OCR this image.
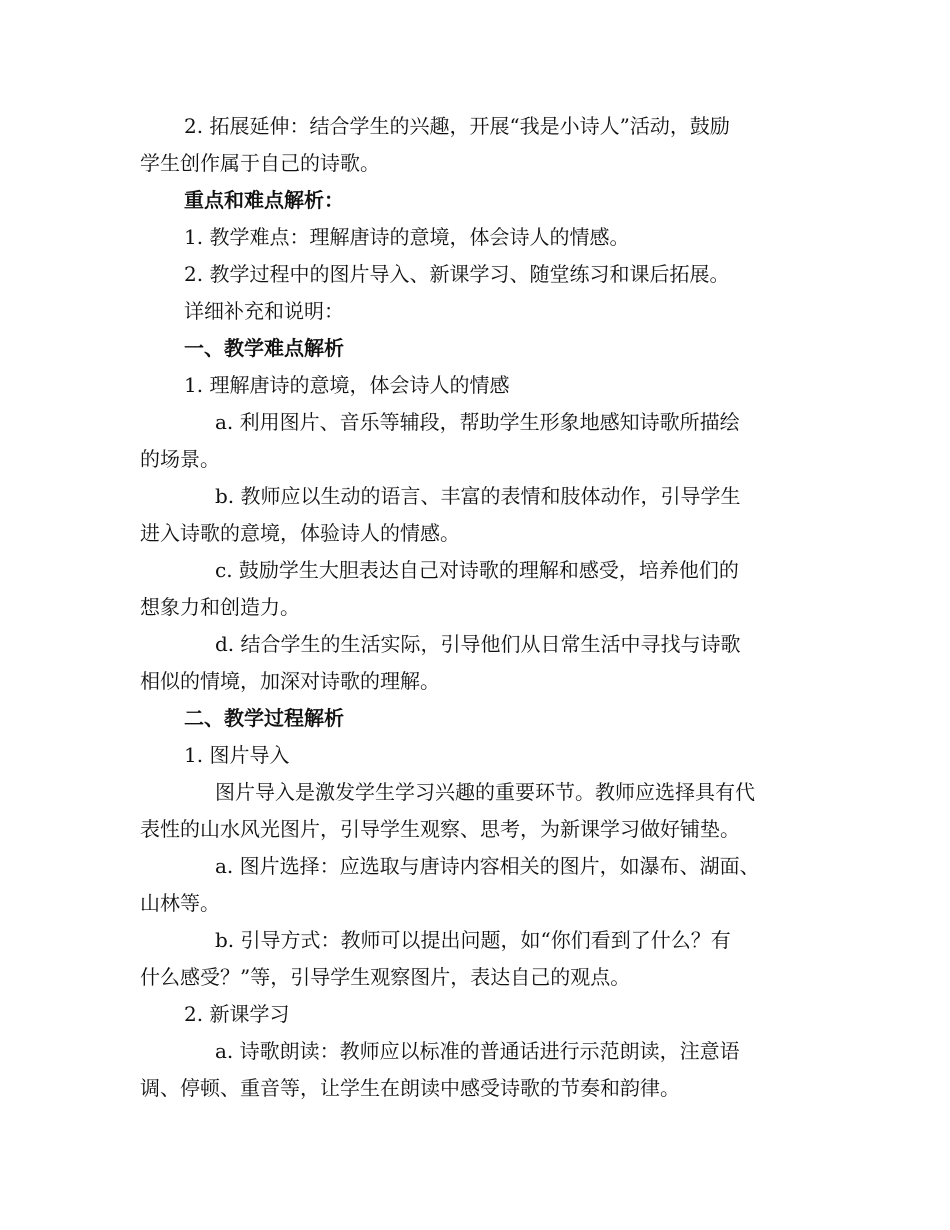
2. 拓展延伸：结合学生的兴趣，开展“我是小诗人”活动，鼓励
学生创作属于自己的诗歌。
重点和难点解析：
1. 教学难点：理解唐诗的意境，体会诗人的情感。
2. 教学过程中的图片导入、新课学习、随堂练习和课后拓展。
详细补充和说明：
一、教学难点解析
1. 理解唐诗的意境，体会诗人的情感
a. 利用图片、音乐等辅段，帮助学生形象地感知诗歌所描绘
的场景。
b. 教师应以生动的语言、丰富的表情和肢体动作，引导学生
进入诗歌的意境，体验诗人的情感。
c. 鼓励学生大胆表达自己对诗歌的理解和感受，培养他们的
想象力和创造力。
d. 结合学生的生活实际，引导他们从日常生活中寻找与诗歌
相似的情境，加深对诗歌的理解。
二、教学过程解析
1. 图片导入
图片导入是激发学生学习兴趣的重要环节。教师应选择具有代
表性的山水风光图片，引导学生观察、思考，为新课学习做好铺垫。
a. 图片选择：应选取与唐诗内容相关的图片，如瀑布、湖面、
山林等。
b. 引导方式：教师可以提出问题，如“你们看到了什么？有
什么感受？”等，引导学生观察图片，表达自己的观点。
2. 新课学习
a. 诗歌朗读：教师应以标准的普通话进行示范朗读，注意语
调、停顿、重音等，让学生在朗读中感受诗歌的节奏和韵律。
